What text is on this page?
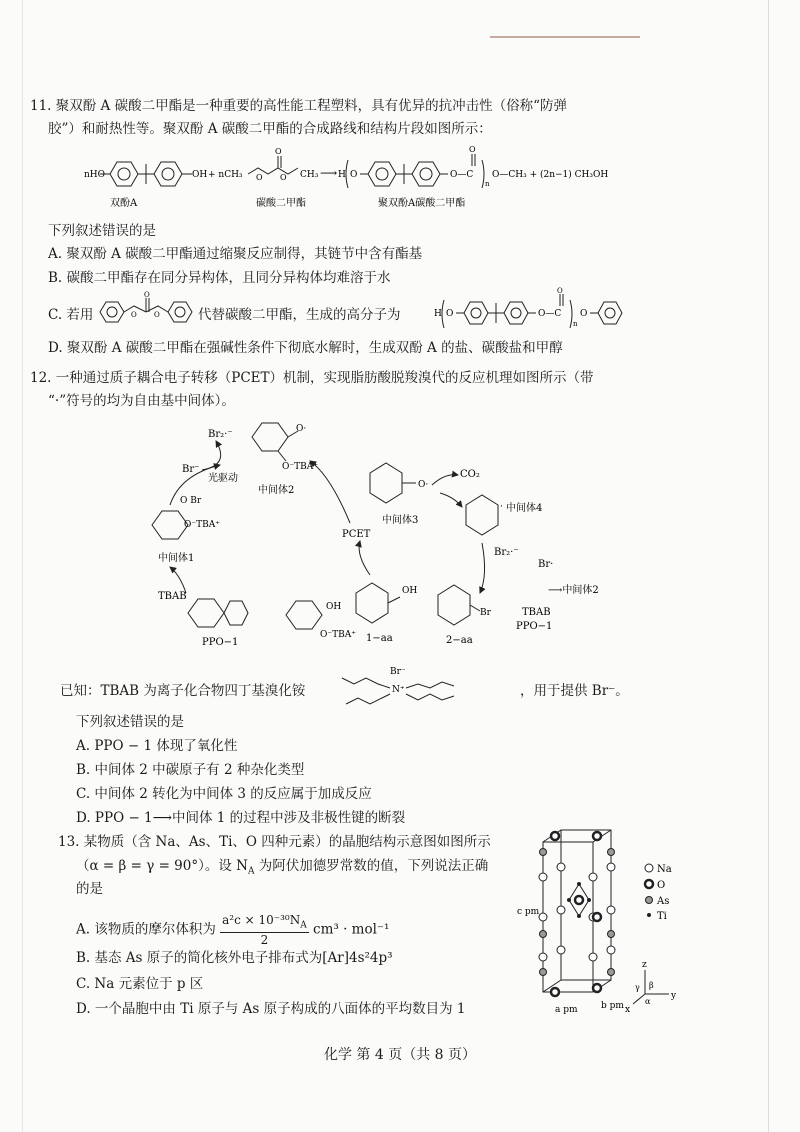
11. 聚双酚 A 碳酸二甲酯是一种重要的高性能工程塑料，具有优异的抗冲击性（俗称“防弹
胶”）和耐热性等。聚双酚 A 碳酸二甲酯的合成路线和结构片段如图所示：
nHO	OH + nCH₃ O O
O
CH₃ ⟶ H O	O—C
O
n
O—CH₃ + (2n−1) CH₃OH
双酚A	碳酸二甲酯	聚双酚A碳酸二甲酯
下列叙述错误的是
A. 聚双酚 A 碳酸二甲酯通过缩聚反应制得，其链节中含有酯基
B. 碳酸二甲酯存在同分异构体，且同分异构体均难溶于水
C. 若用	O O
O
代替碳酸二甲酯，生成的高分子为	H O	O—C
O
n
O
D. 聚双酚 A 碳酸二甲酯在强碱性条件下彻底水解时，生成双酚 A 的盐、碳酸盐和甲醇
12. 一种通过质子耦合电子转移（PCET）机制，实现脂肪酸脱羧溴代的反应机理如图所示（带
“·”符号的均为自由基中间体）。
Br₂·⁻
Br⁻
光驱动
O·
O⁻TBA⁺
中间体2
O Br
O⁻TBA⁺
中间体1
TBAB
PPO−1
PCET
O·
中间体3
CO₂
· 中间体4
Br₂·⁻
Br·
⟶中间体2
Br
2−aa
TBAB
PPO−1
OH
1−aa
OH
O⁻TBA⁺
已知：TBAB 为离子化合物四丁基溴化铵
Br⁻
N⁺	，用于提供 Br⁻。
下列叙述错误的是
A. PPO − 1 体现了氧化性
B. 中间体 2 中碳原子有 2 种杂化类型
C. 中间体 2 转化为中间体 3 的反应属于加成反应
D. PPO − 1⟶中间体 1 的过程中涉及非极性键的断裂
13. 某物质（含 Na、As、Ti、O 四种元素）的晶胞结构示意图如图所示
（α = β = γ = 90°）。设 $N_A$ 为阿伏加德罗常数的值，下列说法正确
的是
A. 该物质的摩尔体积为 $\frac{a^2c \times 10^{-30}N_A}{2} cm^3 \cdot mol^{-1}$
B. 基态 As 原子的简化核外电子排布式为[Ar]4s²4p³
C. Na 元素位于 p 区
D. 一个晶胞中由 Ti 原子与 As 原子构成的八面体的平均数目为 1
c pm
a pm	b pm
Na
O
As
Ti
z
y
x
β
γ
α
化学 第 4 页（共 8 页）
